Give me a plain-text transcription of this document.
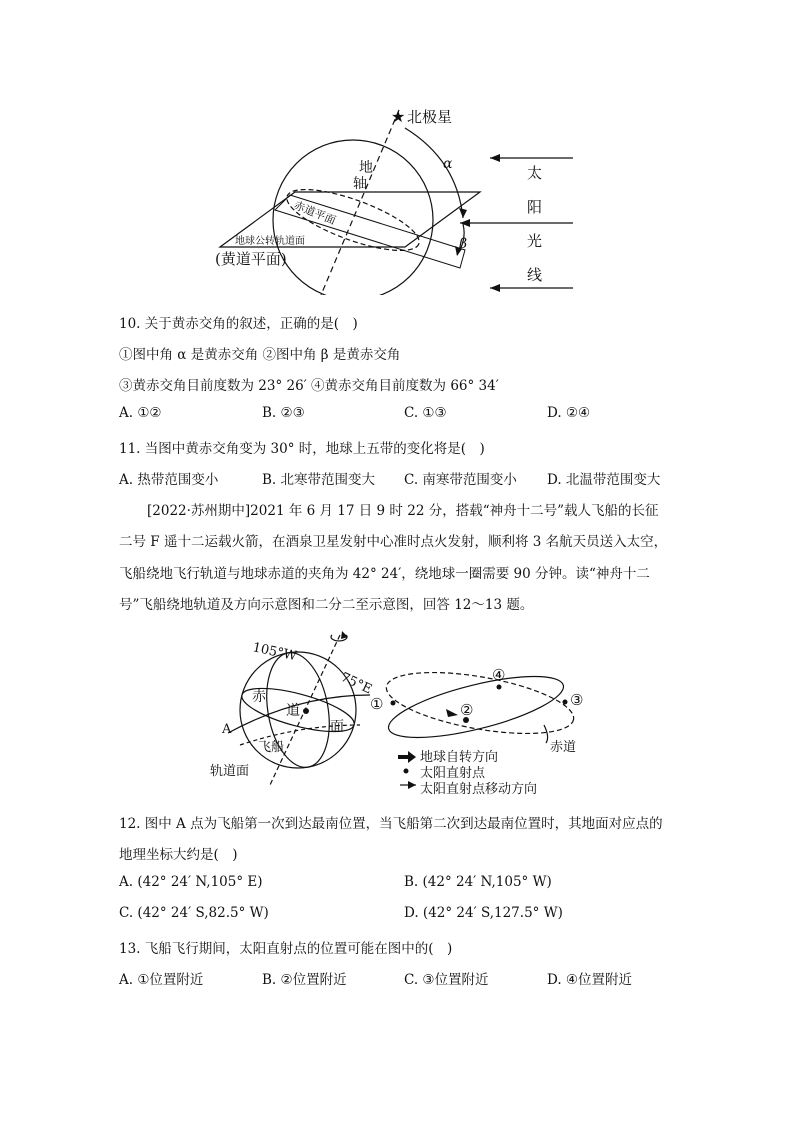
★ 北极星
α
β
地
轴
赤道平面
地球公转轨道面
(黄道平面)
太
阳
光
线
10. 关于黄赤交角的叙述，正确的是(　)
①图中角 α 是黄赤交角 ②图中角 β 是黄赤交角
③黄赤交角目前度数为 23° 26′ ④黄赤交角目前度数为 66° 34′
A. ①②	B. ②③	C. ①③	D. ②④
11. 当图中黄赤交角变为 30° 时，地球上五带的变化将是(　)
A. 热带范围变小	B. 北寒带范围变大 C. 南寒带范围变小 D. 北温带范围变大
[2022·苏州期中]2021 年 6 月 17 日 9 时 22 分，搭载“神舟十二号”载人飞船的长征
二号 F 遥十二运载火箭，在酒泉卫星发射中心准时点火发射，顺利将 3 名航天员送入太空，
飞船绕地飞行轨道与地球赤道的夹角为 42° 24′，绕地球一圈需要 90 分钟。读“神舟十二
号”飞船绕地轨道及方向示意图和二分二至示意图，回答 12～13 题。
105°W
75°E
赤
道
面
A
飞船
轨道面
①	②
③
④
赤道
地球自转方向
太阳直射点
太阳直射点移动方向
12. 图中 A 点为飞船第一次到达最南位置，当飞船第二次到达最南位置时，其地面对应点的
地理坐标大约是(　)
A. (42° 24′ N,105° E)	B. (42° 24′ N,105° W)
C. (42° 24′ S,82.5° W)	D. (42° 24′ S,127.5° W)
13. 飞船飞行期间，太阳直射点的位置可能在图中的(　)
A. ①位置附近	B. ②位置附近	C. ③位置附近	D. ④位置附近
